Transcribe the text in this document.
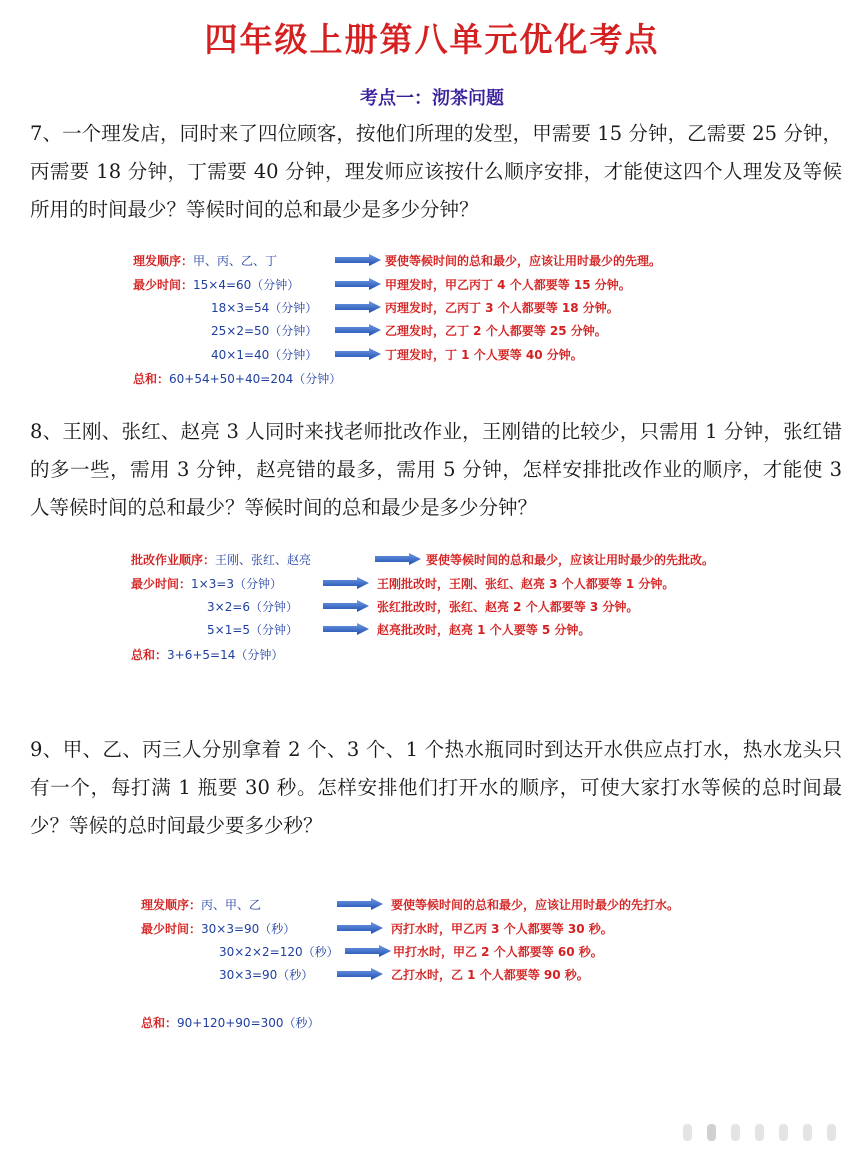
四年级上册第八单元优化考点
考点一：沏茶问题
7、一个理发店，同时来了四位顾客，按他们所理的发型，甲需要 15 分钟，乙需要 25 分钟，丙需要 18 分钟，丁需要 40 分钟，理发师应该按什么顺序安排，才能使这四个人理发及等候所用的时间最少？等候时间的总和最少是多少分钟？
理发顺序：甲、丙、乙、丁
最少时间：15×4=60（分钟）
18×3=54（分钟）
25×2=50（分钟）
40×1=40（分钟）
要使等候时间的总和最少，应该让用时最少的先理。
甲理发时，甲乙丙丁 4 个人都要等 15 分钟。
丙理发时，乙丙丁 3 个人都要等 18 分钟。
乙理发时，乙丁 2 个人都要等 25 分钟。
丁理发时，丁 1 个人要等 40 分钟。
总和：60+54+50+40=204（分钟）
8、王刚、张红、赵亮 3 人同时来找老师批改作业，王刚错的比较少，只需用 1 分钟，张红错的多一些，需用 3 分钟，赵亮错的最多，需用 5 分钟，怎样安排批改作业的顺序，才能使 3 人等候时间的总和最少？等候时间的总和最少是多少分钟？
批改作业顺序：王刚、张红、赵亮
最少时间：1×3=3（分钟）
3×2=6（分钟）
5×1=5（分钟）
要使等候时间的总和最少，应该让用时最少的先批改。
王刚批改时，王刚、张红、赵亮 3 个人都要等 1 分钟。
张红批改时，张红、赵亮 2 个人都要等 3 分钟。
赵亮批改时，赵亮 1 个人要等 5 分钟。
总和：3+6+5=14（分钟）
9、甲、乙、丙三人分别拿着 2 个、3 个、1 个热水瓶同时到达开水供应点打水，热水龙头只有一个，每打满 1 瓶要 30 秒。怎样安排他们打开水的顺序，可使大家打水等候的总时间最少？等候的总时间最少要多少秒？
理发顺序：丙、甲、乙
最少时间：30×3=90（秒）
30×2×2=120（秒）
30×3=90（秒）
要使等候时间的总和最少，应该让用时最少的先打水。
丙打水时，甲乙丙 3 个人都要等 30 秒。
甲打水时，甲乙 2 个人都要等 60 秒。
乙打水时，乙 1 个人都要等 90 秒。
总和：90+120+90=300（秒）
